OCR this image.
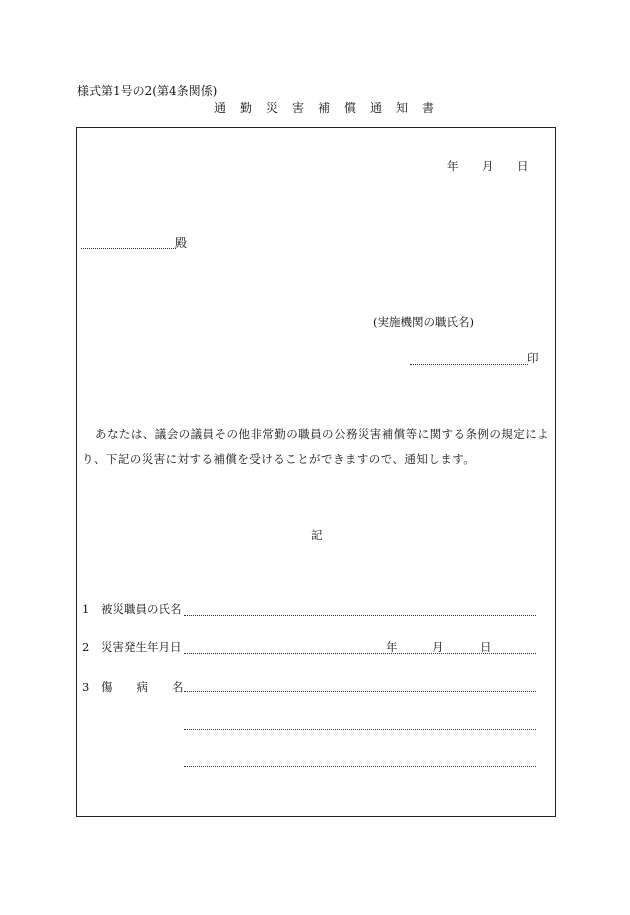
様式第1号の2(第4条関係)
通勤災害補償通知書
年 月 日
殿
(実施機関の職氏名)
印
あなたは、議会の議員その他非常勤の職員の公務災害補償等に関する条例の規定によ
り、下記の災害に対する補償を受けることができますので、通知します。
記
1 被災職員の氏名
2 災害発生年月日	年	月	日
3 傷病名
